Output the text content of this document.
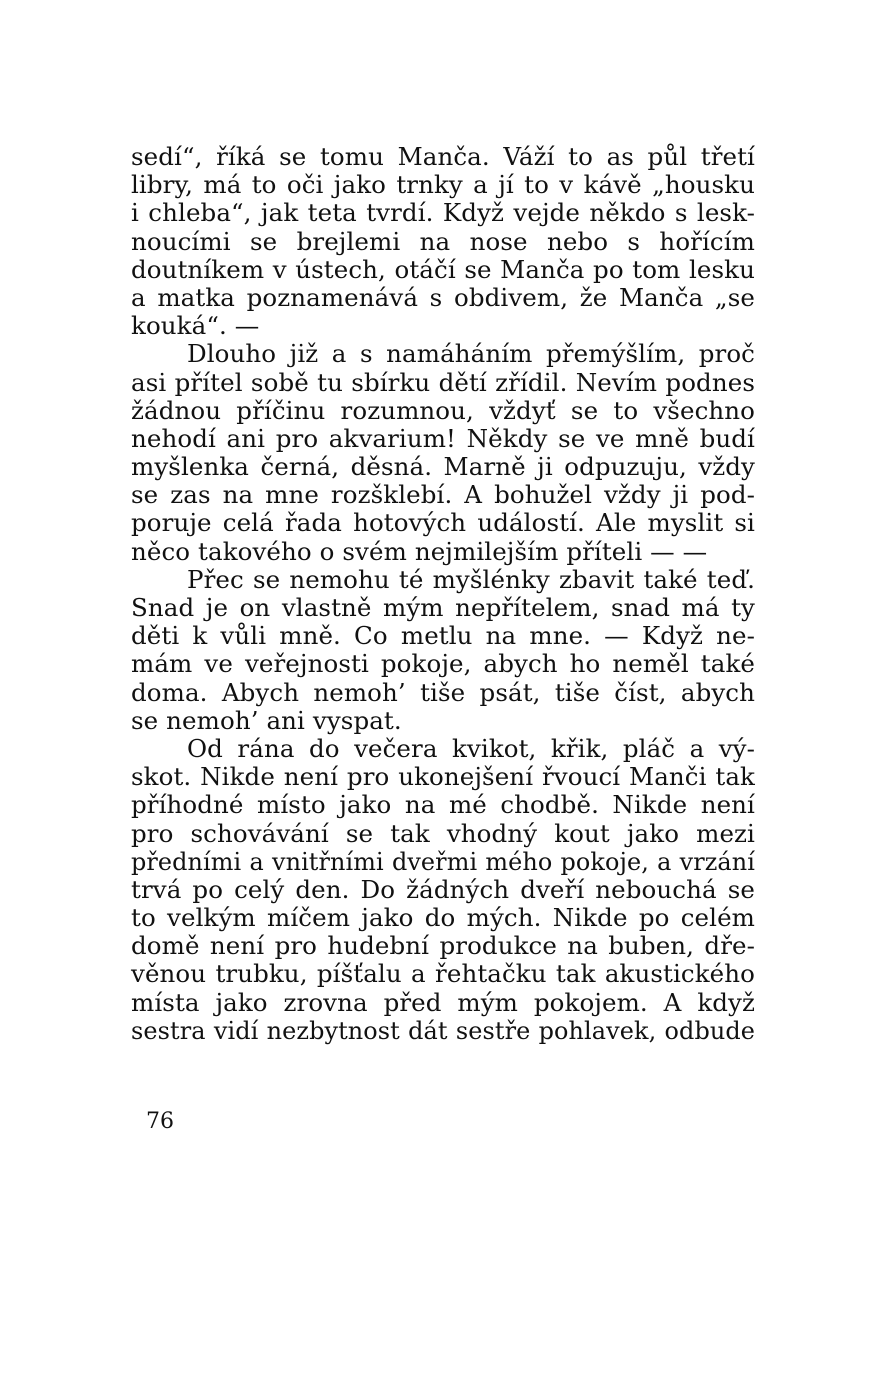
sedí“, říká se tomu Manča. Váží to as půl třetí
libry, má to oči jako trnky a jí to v kávě „housku
i chleba“, jak teta tvrdí. Když vejde někdo s lesk-
noucími se brejlemi na nose nebo s hořícím
doutníkem v ústech, otáčí se Manča po tom lesku
a matka poznamenává s obdivem, že Manča „se
kouká“. —
Dlouho již a s namáháním přemýšlím, proč
asi přítel sobě tu sbírku dětí zřídil. Nevím podnes
žádnou příčinu rozumnou, vždyť se to všechno
nehodí ani pro akvarium! Někdy se ve mně budí
myšlenka černá, děsná. Marně ji odpuzuju, vždy
se zas na mne rozšklebí. A bohužel vždy ji pod-
poruje celá řada hotových událostí. Ale myslit si
něco takového o svém nejmilejším příteli — —
Přec se nemohu té myšlénky zbavit také teď.
Snad je on vlastně mým nepřítelem, snad má ty
děti k vůli mně. Co metlu na mne. — Když ne-
mám ve veřejnosti pokoje, abych ho neměl také
doma. Abych nemoh’ tiše psát, tiše číst, abych
se nemoh’ ani vyspat.
Od rána do večera kvikot, křik, pláč a vý-
skot. Nikde není pro ukonejšení řvoucí Manči tak
příhodné místo jako na mé chodbě. Nikde není
pro schovávání se tak vhodný kout jako mezi
předními a vnitřními dveřmi mého pokoje, a vrzání
trvá po celý den. Do žádných dveří nebouchá se
to velkým míčem jako do mých. Nikde po celém
domě není pro hudební produkce na buben, dře-
věnou trubku, píšťalu a řehtačku tak akustického
místa jako zrovna před mým pokojem. A když
sestra vidí nezbytnost dát sestře pohlavek, odbude
76
